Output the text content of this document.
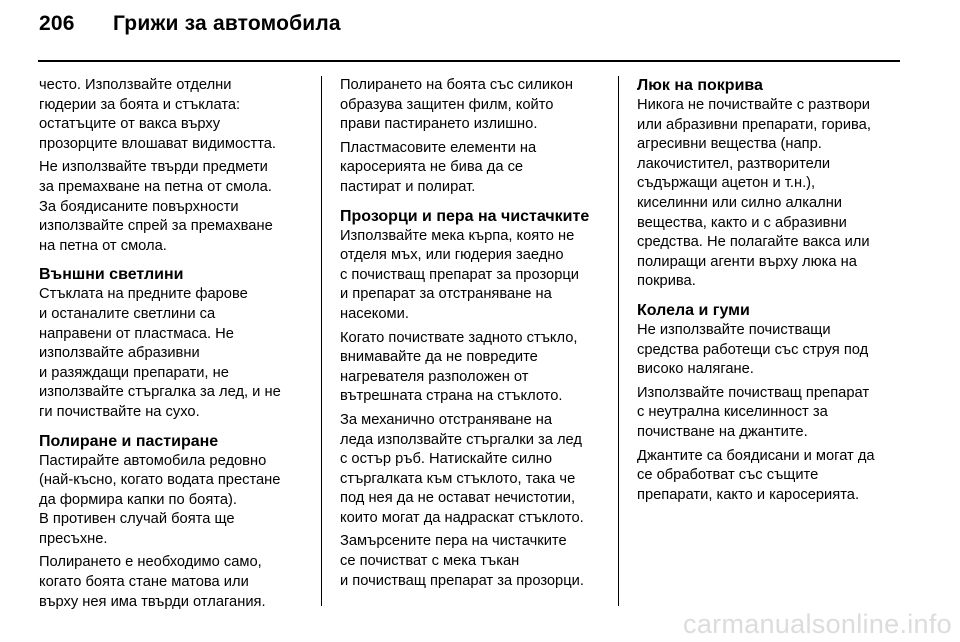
206 Грижи за автомобила

често. Използвайте отделни
гюдерии за боята и стъклата:
остатъците от вакса върху
прозорците влошават видимостта.

Не използвайте твърди предмети
за премахване на петна от смола.
За боядисаните повърхности
използвайте спрей за премахване
на петна от смола.

Външни светлини

Стъклата на предните фарове
и останалите светлини са
направени от пластмаса. Не
използвайте абразивни
и разяждащи препарати, не
използвайте стъргалка за лед, и не
ги почиствайте на сухо.

Полиране и пастиране

Пастирайте автомобила редовно
(най-късно, когато водата престане
да формира капки по боята).
В противен случай боята ще
пресъхне.

Полирането е необходимо само,
когато боята стане матова или
върху нея има твърди отлагания.

Полирането на боята със силикон
образува защитен филм, който
прави пастирането излишно.

Пластмасовите елементи на
каросерията не бива да се
пастират и полират.

Прозорци и пера на чистачките

Използвайте мека кърпа, която не
отделя мъх, или гюдерия заедно
с почистващ препарат за прозорци
и препарат за отстраняване на
насекоми.

Когато почиствате задното стъкло,
внимавайте да не повредите
нагревателя разположен от
вътрешната страна на стъклото.

За механично отстраняване на
леда използвайте стъргалки за лед
с остър ръб. Натискайте силно
стъргалката към стъклото, така че
под нея да не остават нечистотии,
които могат да надраскат стъклото.

Замърсените пера на чистачките
се почистват с мека тъкан
и почистващ препарат за прозорци.

Люк на покрива

Никога не почиствайте с разтвори
или абразивни препарати, горива,
агресивни вещества (напр.
лакочистител, разтворители
съдържащи ацетон и т.н.),
киселинни или силно алкални
вещества, както и с абразивни
средства. Не полагайте вакса или
полиращи агенти върху люка на
покрива.

Колела и гуми

Не използвайте почистващи
средства работещи със струя под
високо налягане.

Използвайте почистващ препарат
с неутрална киселинност за
почистване на джантите.

Джантите са боядисани и могат да
се обработват със същите
препарати, както и каросерията.

carmanualsonline.info
